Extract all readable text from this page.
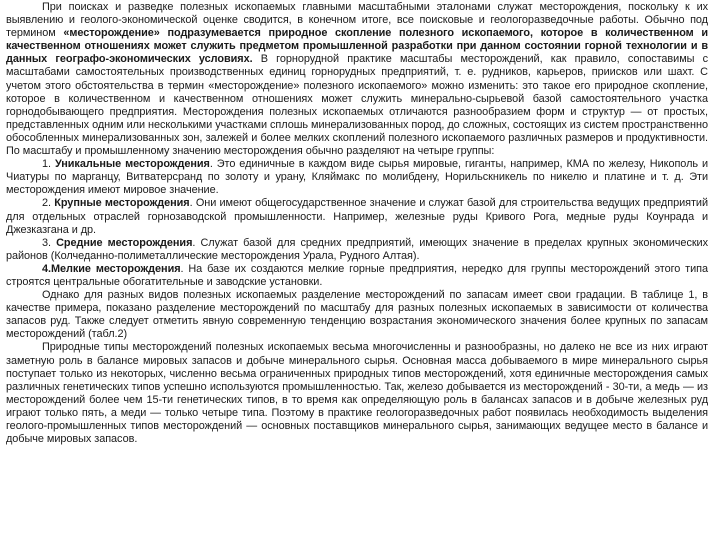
При поисках и разведке полезных ископаемых главными масштабными эталонами служат месторождения, поскольку к их выявлению и геолого-экономической оценке сводится, в конечном итоге, все поисковые и геологоразведочные работы. Обычно под термином «месторождение» подразумевается природное скопление полезного ископаемого, которое в количественном и качественном отношениях может служить предметом промышленной разработки при данном состоянии горной технологии и в данных географо-экономических условиях. В горнорудной практике масштабы месторождений, как правило, сопоставимы с масштабами самостоятельных производственных единиц горнорудных предприятий, т. е. рудников, карьеров, приисков или шахт. С учетом этого обстоятельства в термин «месторождение» полезного ископаемого» можно изменить: это такое его природное скопление, которое в количественном и качественном отношениях может служить минерально-сырьевой базой самостоятельного участка горнодобывающего предприятия. Месторождения полезных ископаемых отличаются разнообразием форм и структур — от простых, представленных одним или несколькими участками сплошь минерализованных пород, до сложных, состоящих из систем пространственно обособленных минерализованных зон, залежей и более мелких скоплений полезного ископаемого различных размеров и продуктивности. По масштабу и промышленному значению месторождения обычно разделяют на четыре группы:

1. Уникальные месторождения. Это единичные в каждом виде сырья мировые, гиганты, например, КМА по железу, Никополь и Чиатуры по марганцу, Витватерсранд по золоту и урану, Кляймакс по молибдену, Норильскникель по никелю и платине и т. д. Эти месторождения имеют мировое значение.

2. Крупные месторождения. Они имеют общегосударственное значение и служат базой для строительства ведущих предприятий для отдельных отраслей горнозаводской промышленности. Например, железные руды Кривого Рога, медные руды Коунрада и Джезказгана и др.

3. Средние месторождения. Служат базой для средних предприятий, имеющих значение в пределах крупных экономических районов (Колчеданно-полиметаллические месторождения Урала, Рудного Алтая).

4.Мелкие месторождения. На базе их создаются мелкие горные предприятия, нередко для группы месторождений этого типа строятся центральные обогатительные и заводские установки.

Однако для разных видов полезных ископаемых разделение месторождений по запасам имеет свои градации. В таблице 1, в качестве примера, показано разделение месторождений по масштабу для разных полезных ископаемых в зависимости от количества запасов руд. Также следует отметить явную современную тенденцию возрастания экономического значения более крупных по запасам месторождений (табл.2)

Природные типы месторождений полезных ископаемых весьма многочисленны и разнообразны, но далеко не все из них играют заметную роль в балансе мировых запасов и добыче минерального сырья. Основная масса добываемого в мире минерального сырья поступает только из некоторых, численно весьма ограниченных природных типов месторождений, хотя единичные месторождения самых различных генетических типов успешно используются промышленностью. Так, железо добывается из месторождений - 30-ти, а медь — из месторождений более чем 15-ти генетических типов, в то время как определяющую роль в балансах запасов и в добыче железных руд играют только пять, а меди — только четыре типа. Поэтому в практике геологоразведочных работ появилась необходимость выделения геолого-промышленных типов месторождений — основных поставщиков минерального сырья, занимающих ведущее место в балансе и добыче мировых запасов.
